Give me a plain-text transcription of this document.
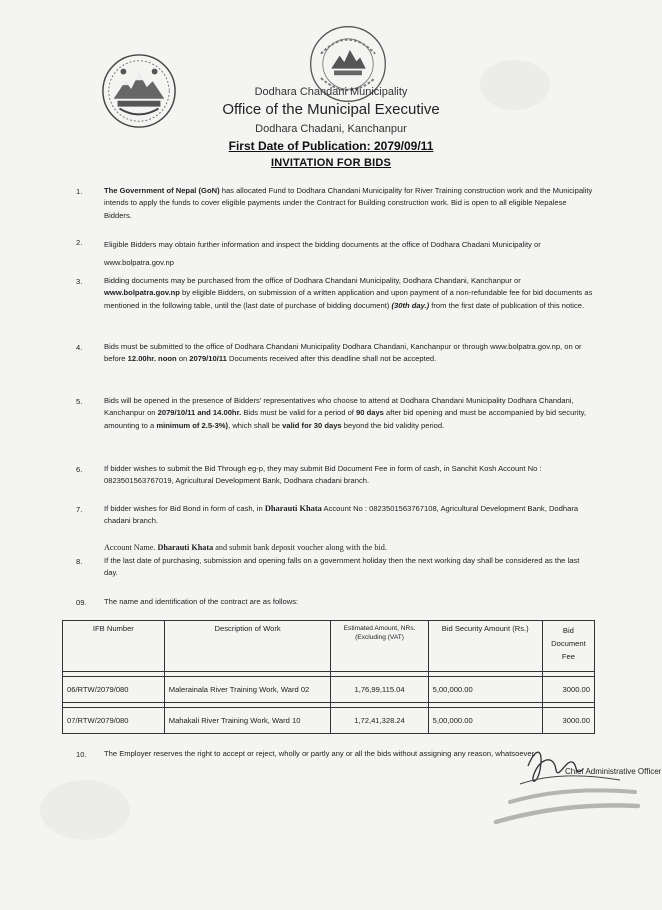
Dodhara Chandani Municipality
Office of the Municipal Executive
Dodhara Chadani, Kanchanpur
First Date of Publication: 2079/09/11
INVITATION FOR BIDS
1.	The Government of Nepal (GoN) has allocated Fund to Dodhara Chandani Municipality for River Training construction work and the Municipality intends to apply the funds to cover eligible payments under the Contract for Building construction work. Bid is open to all eligible Nepalese Bidders.
2.	Eligible Bidders may obtain further information and inspect the bidding documents at the office of Dodhara Chadani Municipality or www.bolpatra.gov.np
3.	Bidding documents may be purchased from the office of Dodhara Chandani Municipality, Dodhara Chandani, Kanchanpur or www.bolpatra.gov.np by eligible Bidders, on submission of a written application and upon payment of a non-refundable fee for bid documents as mentioned in the following table, until the (last date of purchase of bidding document) (30th day.) from the first date of publication of this notice.
4.	Bids must be submitted to the office of Dodhara Chandani Municipality Dodhara Chandani, Kanchanpur or through www.bolpatra.gov.np, on or before 12.00hr. noon on 2079/10/11 Documents received after this deadline shall not be accepted.
5.	Bids will be opened in the presence of Bidders' representatives who choose to attend at Dodhara Chandani Municipality Dodhara Chandani, Kanchanpur on 2079/10/11 and 14.00hr. Bids must be valid for a period of 90 days after bid opening and must be accompanied by bid security, amounting to a minimum of 2.5-3%), which shall be valid for 30 days beyond the bid validity period.
6.	If bidder wishes to submit the Bid Through eg-p, they may submit Bid Document Fee in form of cash, in Sanchit Kosh Account No : 0823501563767019, Agricultural Development Bank, Dodhara chadani branch.
7.	If bidder wishes for Bid Bond in form of cash, in Dharauti Khata Account No : 0823501563767108, Agricultural Development Bank, Dodhara chadani branch.
Account Name. Dharauti Khata and submit bank deposit voucher along with the bid.
8.	If the last date of purchasing, submission and opening falls on a government holiday then the next working day shall be considered as the last day.
09. The name and identification of the contract are as follows:
IFB Number	Description of Work	Estimated Amount, NRs.(Excluding (VAT)	Bid Security Amount (Rs.)	Bid Document Fee

06/RTW/2079/080	Malerainala River Training Work, Ward 02	1,76,99,115.04	5,00,000.00	3000.00

07/RTW/2079/080	Mahakali River Training Work, Ward 10	1,72,41,328.24	5,00,000.00	3000.00
10. The Employer reserves the right to accept or reject, wholly or partly any or all the bids without assigning any reason, whatsoever.
Chief Administrative Officer
